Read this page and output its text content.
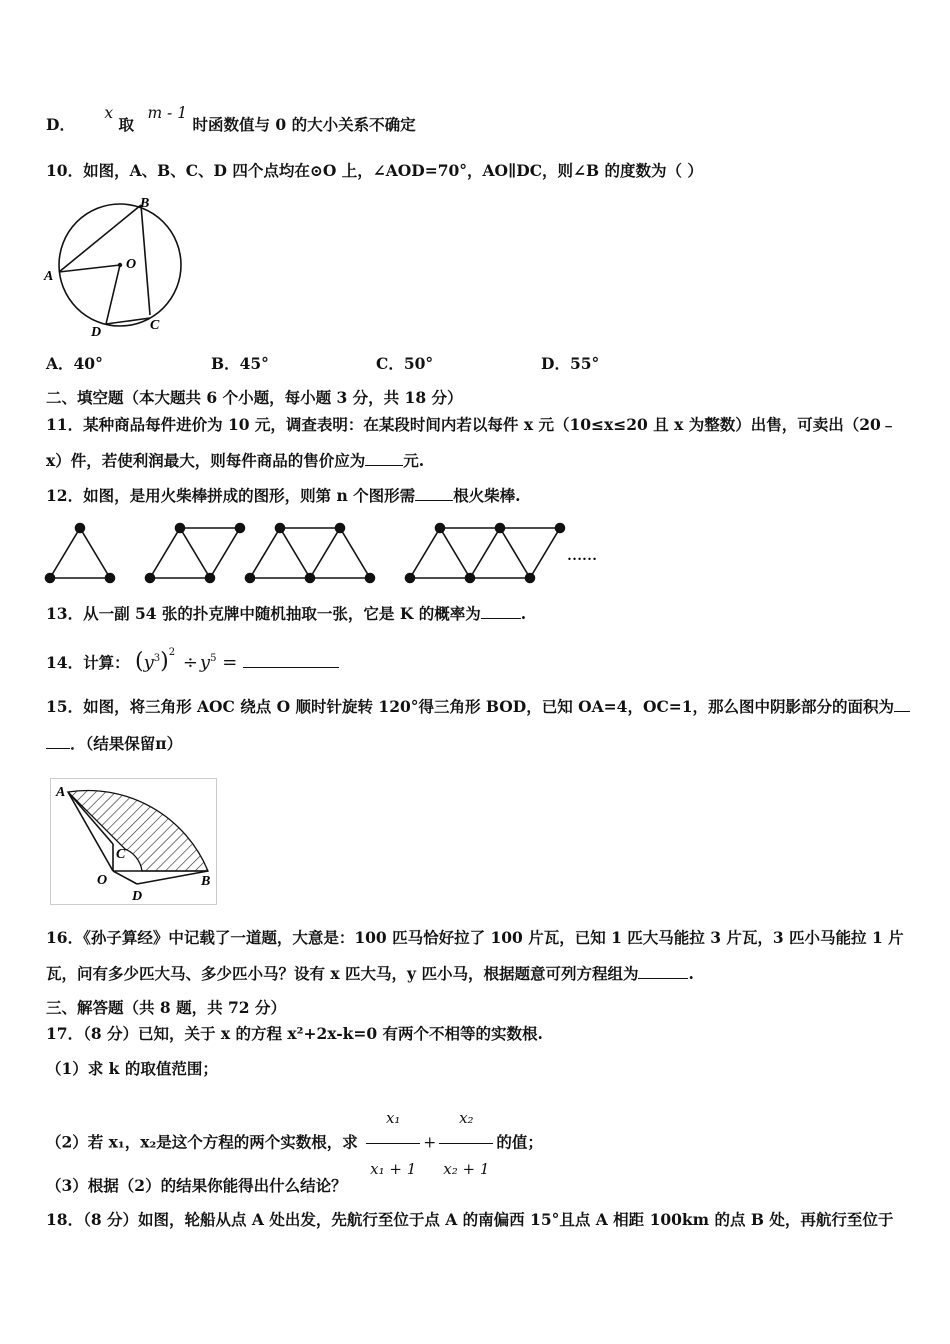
D． x 取 m - 1 时函数值与 0 的大小关系不确定
10．如图，A、B、C、D 四个点均在⊙O 上，∠AOD=70°，AO∥DC，则∠B 的度数为（ ）
B
A
O
D	C
A．40°	B．45°	C．50°	D．55°
二、填空题（本大题共 6 个小题，每小题 3 分，共 18 分）
11．某种商品每件进价为 10 元，调查表明：在某段时间内若以每件 x 元（10≤x≤20 且 x 为整数）出售，可卖出（20﹣
x）件，若使利润最大，则每件商品的售价应为 元.
12．如图，是用火柴棒拼成的图形，则第 n 个图形需 根火柴棒.
……
13．从一副 54 张的扑克牌中随机抽取一张，它是 K 的概率为	.
14．计算： $(y^3)^2 \div y^5$ =
15．如图，将三角形 AOC 绕点 O 顺时针旋转 120°得三角形 BOD，已知 OA=4，OC=1，那么图中阴影部分的面积为
．（结果保留π）
A
C
O
D
B
16．《孙子算经》中记载了一道题，大意是：100 匹马恰好拉了 100 片瓦，已知 1 匹大马能拉 3 片瓦，3 匹小马能拉 1 片
瓦，问有多少匹大马、多少匹小马？设有 x 匹大马，y 匹小马，根据题意可列方程组为	.
三、解答题（共 8 题，共 72 分）
17．（8 分）已知，关于 x 的方程 x²+2x-k=0 有两个不相等的实数根.
（1）求 k 的取值范围；
（2）若 x₁，x₂是这个方程的两个实数根，求 $\frac{\text{x₁}}{\text{x₁ + 1}} + \frac{\text{x₂}}{\text{x₂ + 1}}$ 的值；
（3）根据（2）的结果你能得出什么结论？
18．（8 分）如图，轮船从点 A 处出发，先航行至位于点 A 的南偏西 15°且点 A 相距 100km 的点 B 处，再航行至位于
